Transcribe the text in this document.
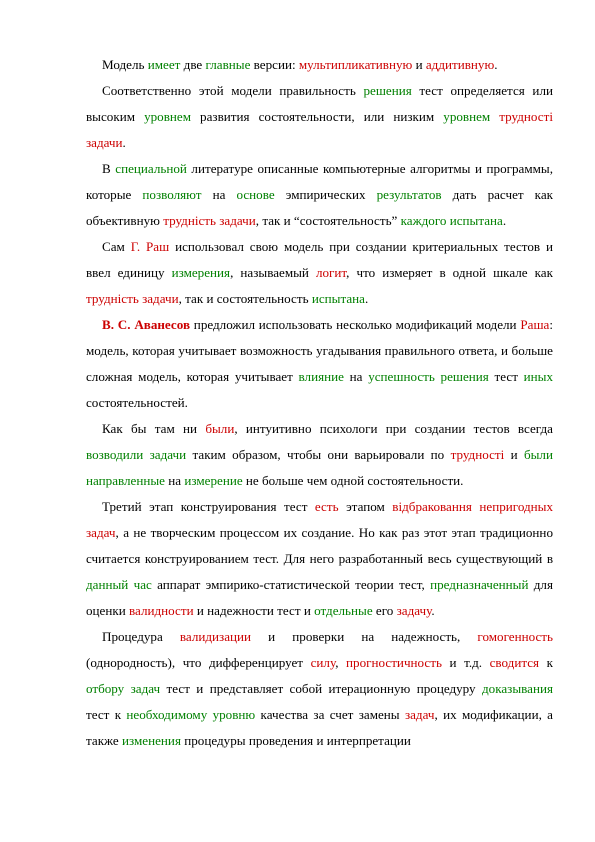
Модель имеет две главные версии: мультипликативную и аддитивную.

Соответственно этой модели правильность решения тест определяется или высоким уровнем развития состоятельности, или низким уровнем трудності задачи.

В специальной литературе описанные компьютерные алгоритмы и программы, которые позволяют на основе эмпирических результатов дать расчет как объективную трудність задачи, так и “состоятельность” каждого испытана.

Сам Г. Раш использовал свою модель при создании критериальных тестов и ввел единицу измерения, называемый логит, что измеряет в одной шкале как трудність задачи, так и состоятельность испытана.

В. С. Аванесов предложил использовать несколько модификаций модели Раша: модель, которая учитывает возможность угадывания правильного ответа, и больше сложная модель, которая учитывает влияние на успешность решения тест иных состоятельностей.

Как бы там ни были, интуитивно психологи при создании тестов всегда возводили задачи таким образом, чтобы они варьировали по трудності и были направленные на измерение не больше чем одной состоятельности.

Третий этап конструирования тест есть этапом відбраковання непригодных задач, а не творческим процессом их создание. Но как раз этот этап традиционно считается конструированием тест. Для него разработанный весь существующий в данный час аппарат эмпирико-статистической теории тест, предназначенный для оценки валидности и надежности тест и отдельные его задачу.

Процедура валидизации и проверки на надежность, гомогенность (однородность), что дифференцирует силу, прогностичность и т.д. сводится к отбору задач тест и представляет собой итерационную процедуру доказывания тест к необходимому уровню качества за счет замены задач, их модификации, а также изменения процедуры проведения и интерпретации
